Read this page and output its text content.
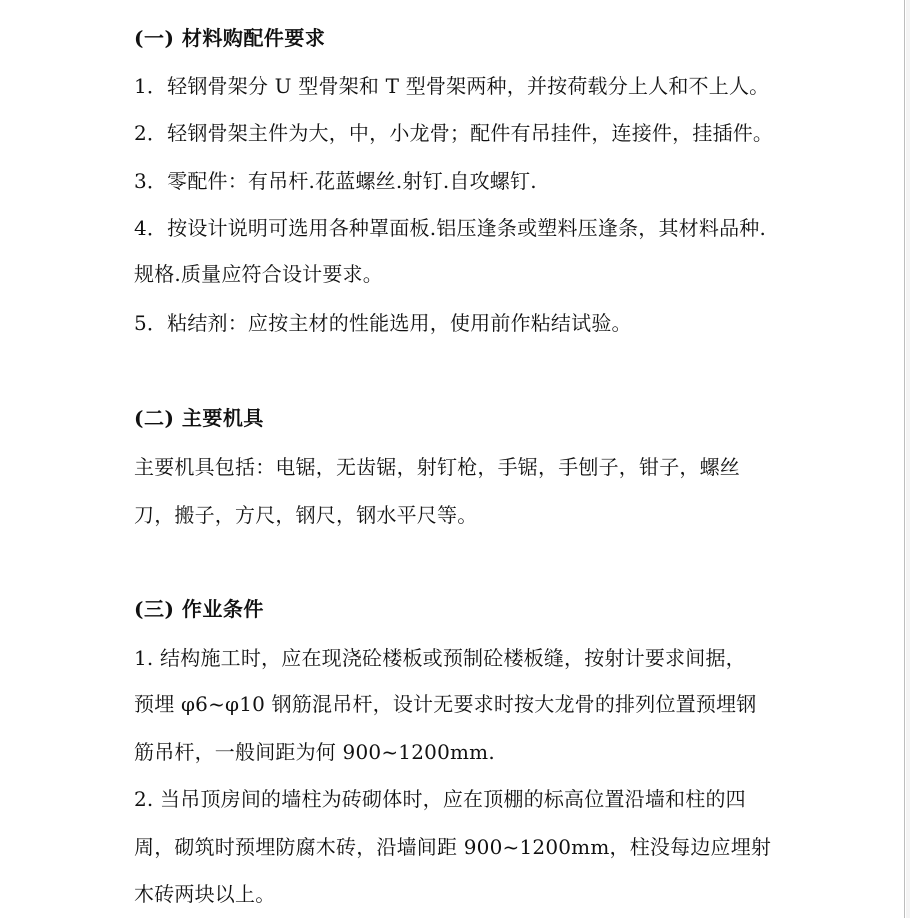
(一) 材料购配件要求
1．轻钢骨架分 U 型骨架和 T 型骨架两种，并按荷载分上人和不上人。
2．轻钢骨架主件为大，中，小龙骨；配件有吊挂件，连接件，挂插件。
3．零配件：有吊杆.花蓝螺丝.射钉.自攻螺钉.
4．按设计说明可选用各种罩面板.铝压逢条或塑料压逢条，其材料品种.
规格.质量应符合设计要求。
5．粘结剂：应按主材的性能选用，使用前作粘结试验。
(二) 主要机具
主要机具包括：电锯，无齿锯，射钉枪，手锯，手刨子，钳子，螺丝
刀，搬子，方尺，钢尺，钢水平尺等。
(三) 作业条件
1. 结构施工时，应在现浇砼楼板或预制砼楼板缝，按射计要求间据，
预埋 φ6~φ10 钢筋混吊杆，设计无要求时按大龙骨的排列位置预埋钢
筋吊杆，一般间距为何 900~1200mm.
2. 当吊顶房间的墙柱为砖砌体时，应在顶棚的标高位置沿墙和柱的四
周，砌筑时预埋防腐木砖，沿墙间距 900~1200mm，柱没每边应埋射
木砖两块以上。
